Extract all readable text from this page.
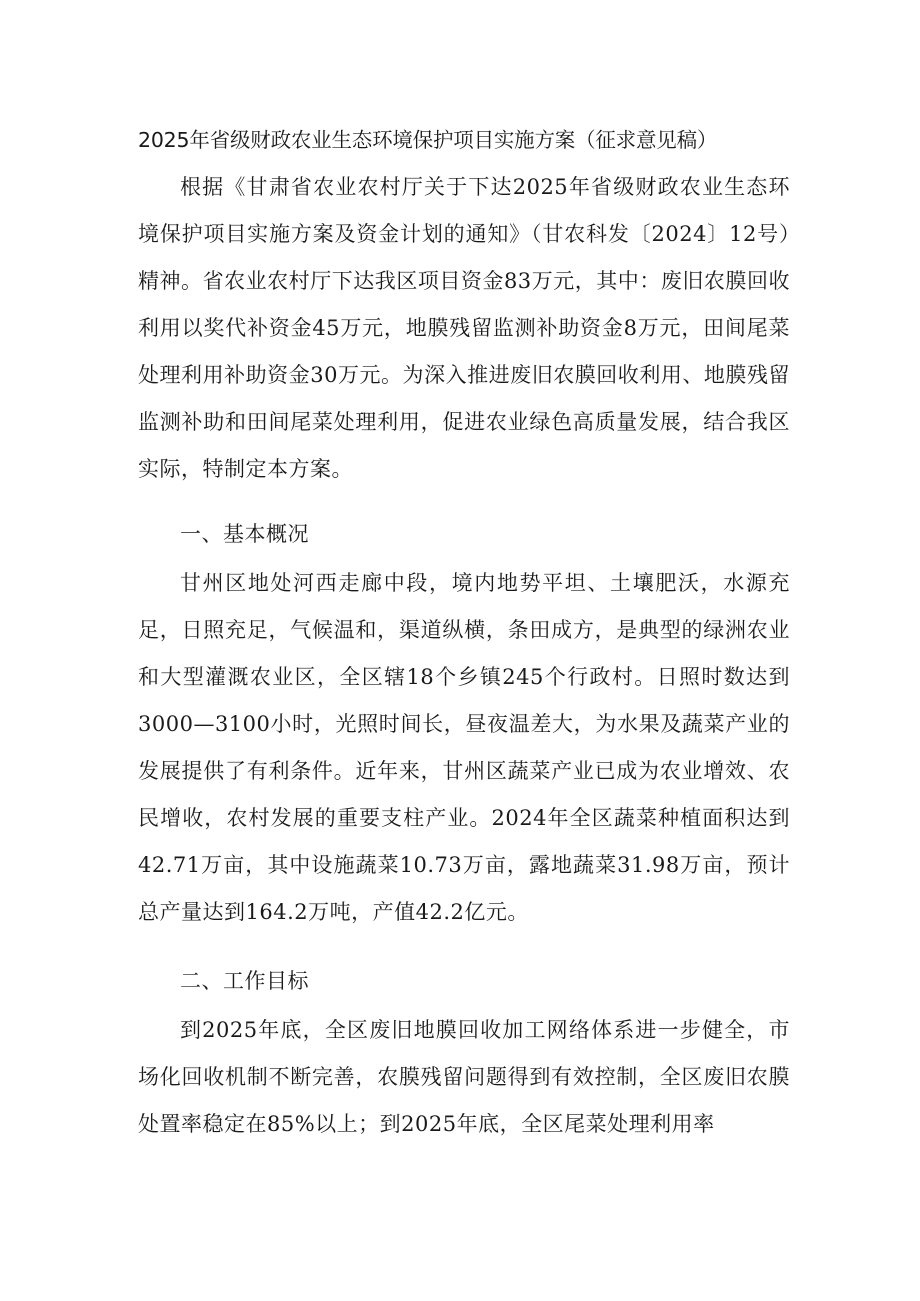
2025年省级财政农业生态环境保护项目实施方案（征求意见稿）

根据《甘肃省农业农村厅关于下达2025年省级财政农业生态环境保护项目实施方案及资金计划的通知》（甘农科发〔2024〕12号）精神。省农业农村厅下达我区项目资金83万元，其中：废旧农膜回收利用以奖代补资金45万元，地膜残留监测补助资金8万元，田间尾菜处理利用补助资金30万元。为深入推进废旧农膜回收利用、地膜残留监测补助和田间尾菜处理利用，促进农业绿色高质量发展，结合我区实际，特制定本方案。

一、基本概况

甘州区地处河西走廊中段，境内地势平坦、土壤肥沃，水源充足，日照充足，气候温和，渠道纵横，条田成方，是典型的绿洲农业和大型灌溉农业区，全区辖18个乡镇245个行政村。日照时数达到3000—3100小时，光照时间长，昼夜温差大，为水果及蔬菜产业的发展提供了有利条件。近年来，甘州区蔬菜产业已成为农业增效、农民增收，农村发展的重要支柱产业。2024年全区蔬菜种植面积达到42.71万亩，其中设施蔬菜10.73万亩，露地蔬菜31.98万亩，预计总产量达到164.2万吨，产值42.2亿元。

二、工作目标

到2025年底，全区废旧地膜回收加工网络体系进一步健全，市场化回收机制不断完善，农膜残留问题得到有效控制，全区废旧农膜处置率稳定在85%以上；到2025年底，全区尾菜处理利用率
